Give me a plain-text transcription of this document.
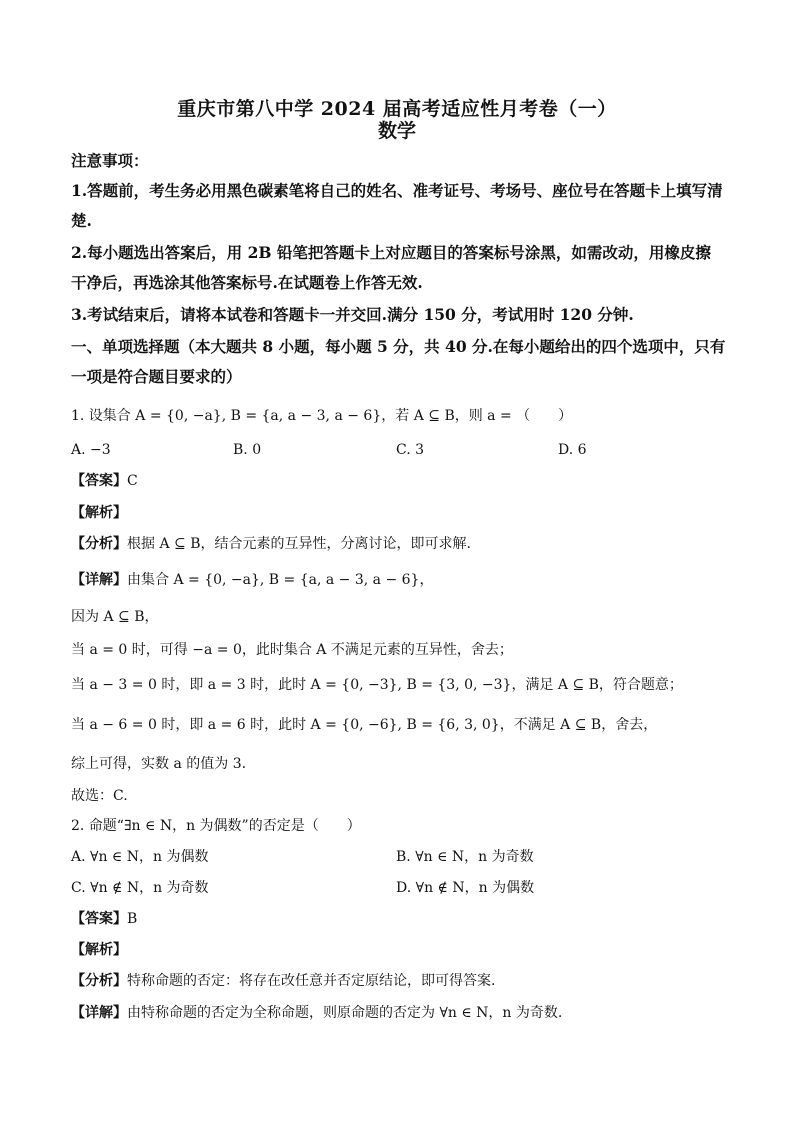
重庆市第八中学 2024 届高考适应性月考卷（一）
数学
注意事项：
1.答题前，考生务必用黑色碳素笔将自己的姓名、准考证号、考场号、座位号在答题卡上填写清
楚.
2.每小题选出答案后，用 2B 铅笔把答题卡上对应题目的答案标号涂黑，如需改动，用橡皮擦
干净后，再选涂其他答案标号.在试题卷上作答无效.
3.考试结束后，请将本试卷和答题卡一并交回.满分 150 分，考试用时 120 分钟.
一、单项选择题（本大题共 8 小题，每小题 5 分，共 40 分.在每小题给出的四个选项中，只有
一项是符合题目要求的）
1. 设集合 A = {0, −a}, B = {a, a − 3, a − 6}，若 A ⊆ B，则 a = （　　）
A. −3	B. 0	C. 3	D. 6
【答案】C
【解析】
【分析】根据 A ⊆ B，结合元素的互异性，分离讨论，即可求解.
【详解】由集合 A = {0, −a}, B = {a, a − 3, a − 6}，
因为 A ⊆ B，
当 a = 0 时，可得 −a = 0，此时集合 A 不满足元素的互异性，舍去；
当 a − 3 = 0 时，即 a = 3 时，此时 A = {0, −3}, B = {3, 0, −3}，满足 A ⊆ B，符合题意；
当 a − 6 = 0 时，即 a = 6 时，此时 A = {0, −6}, B = {6, 3, 0}，不满足 A ⊆ B，舍去，
综上可得，实数 a 的值为 3.
故选：C.
2. 命题“∃n ∈ N，n 为偶数”的否定是（　　）
A. ∀n ∈ N，n 为偶数	B. ∀n ∈ N，n 为奇数
C. ∀n ∉ N，n 为奇数	D. ∀n ∉ N，n 为偶数
【答案】B
【解析】
【分析】特称命题的否定：将存在改任意并否定原结论，即可得答案.
【详解】由特称命题的否定为全称命题，则原命题的否定为 ∀n ∈ N，n 为奇数.
